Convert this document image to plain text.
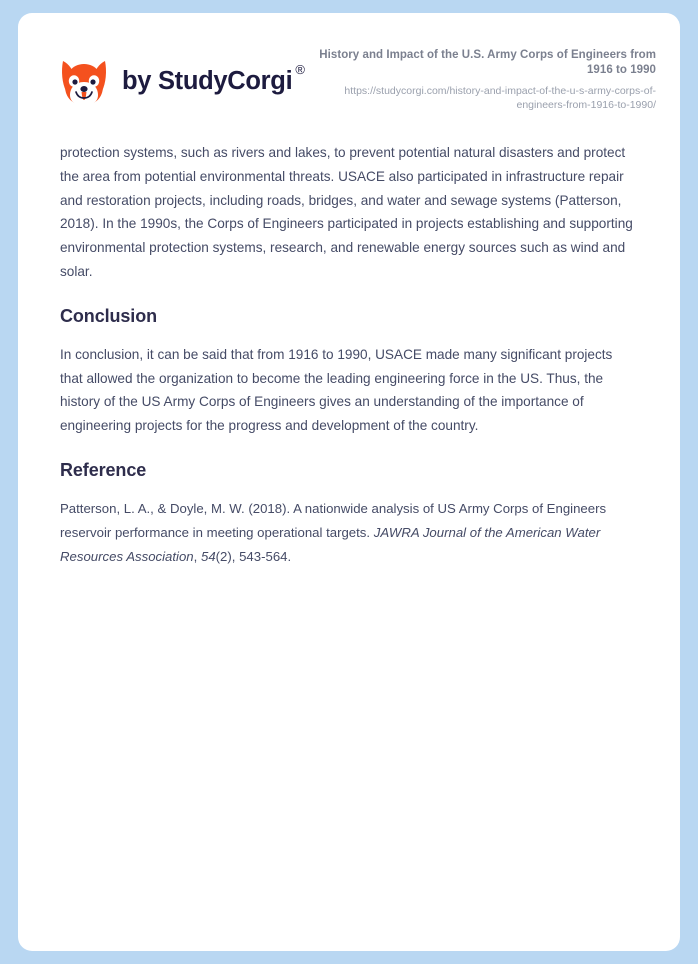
by StudyCorgi ®
History and Impact of the U.S. Army Corps of Engineers from 1916 to 1990
https://studycorgi.com/history-and-impact-of-the-u-s-army-corps-of-engineers-from-1916-to-1990/

protection systems, such as rivers and lakes, to prevent potential natural disasters and protect the area from potential environmental threats. USACE also participated in infrastructure repair and restoration projects, including roads, bridges, and water and sewage systems (Patterson, 2018). In the 1990s, the Corps of Engineers participated in projects establishing and supporting environmental protection systems, research, and renewable energy sources such as wind and solar.

Conclusion

In conclusion, it can be said that from 1916 to 1990, USACE made many significant projects that allowed the organization to become the leading engineering force in the US. Thus, the history of the US Army Corps of Engineers gives an understanding of the importance of engineering projects for the progress and development of the country.

Reference

Patterson, L. A., & Doyle, M. W. (2018). A nationwide analysis of US Army Corps of Engineers reservoir performance in meeting operational targets. JAWRA Journal of the American Water Resources Association, 54(2), 543-564.
